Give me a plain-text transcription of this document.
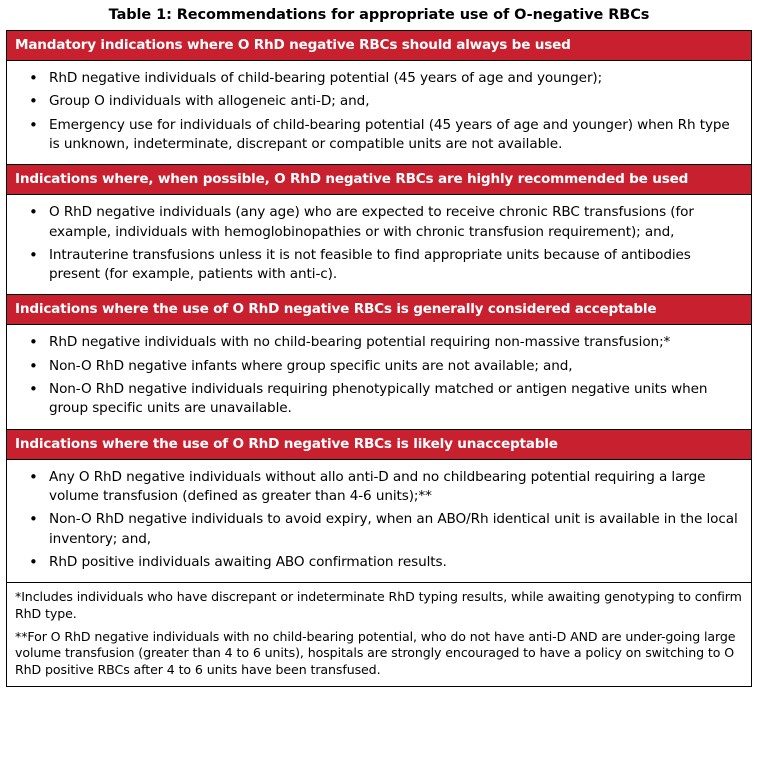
Table 1: Recommendations for appropriate use of O-negative RBCs
Mandatory indications where O RhD negative RBCs should always be used

• RhD negative individuals of child-bearing potential (45 years of age and younger);
• Group O individuals with allogeneic anti-D; and,
• Emergency use for individuals of child-bearing potential (45 years of age and younger) when Rh type is unknown, indeterminate, discrepant or compatible units are not available.

Indications where, when possible, O RhD negative RBCs are highly recommended be used

• O RhD negative individuals (any age) who are expected to receive chronic RBC transfusions (for example, individuals with hemoglobinopathies or with chronic transfusion requirement); and,
• Intrauterine transfusions unless it is not feasible to find appropriate units because of antibodies present (for example, patients with anti-c).

Indications where the use of O RhD negative RBCs is generally considered acceptable

• RhD negative individuals with no child-bearing potential requiring non-massive transfusion;*
• Non-O RhD negative infants where group specific units are not available; and,
• Non-O RhD negative individuals requiring phenotypically matched or antigen negative units when group specific units are unavailable.

Indications where the use of O RhD negative RBCs is likely unacceptable

• Any O RhD negative individuals without allo anti-D and no childbearing potential requiring a large volume transfusion (defined as greater than 4-6 units);**
• Non-O RhD negative individuals to avoid expiry, when an ABO/Rh identical unit is available in the local inventory; and,
• RhD positive individuals awaiting ABO confirmation results.

*Includes individuals who have discrepant or indeterminate RhD typing results, while awaiting genotyping to confirm RhD type.

**For O RhD negative individuals with no child-bearing potential, who do not have anti-D AND are under-going large volume transfusion (greater than 4 to 6 units), hospitals are strongly encouraged to have a policy on switching to O RhD positive RBCs after 4 to 6 units have been transfused.
